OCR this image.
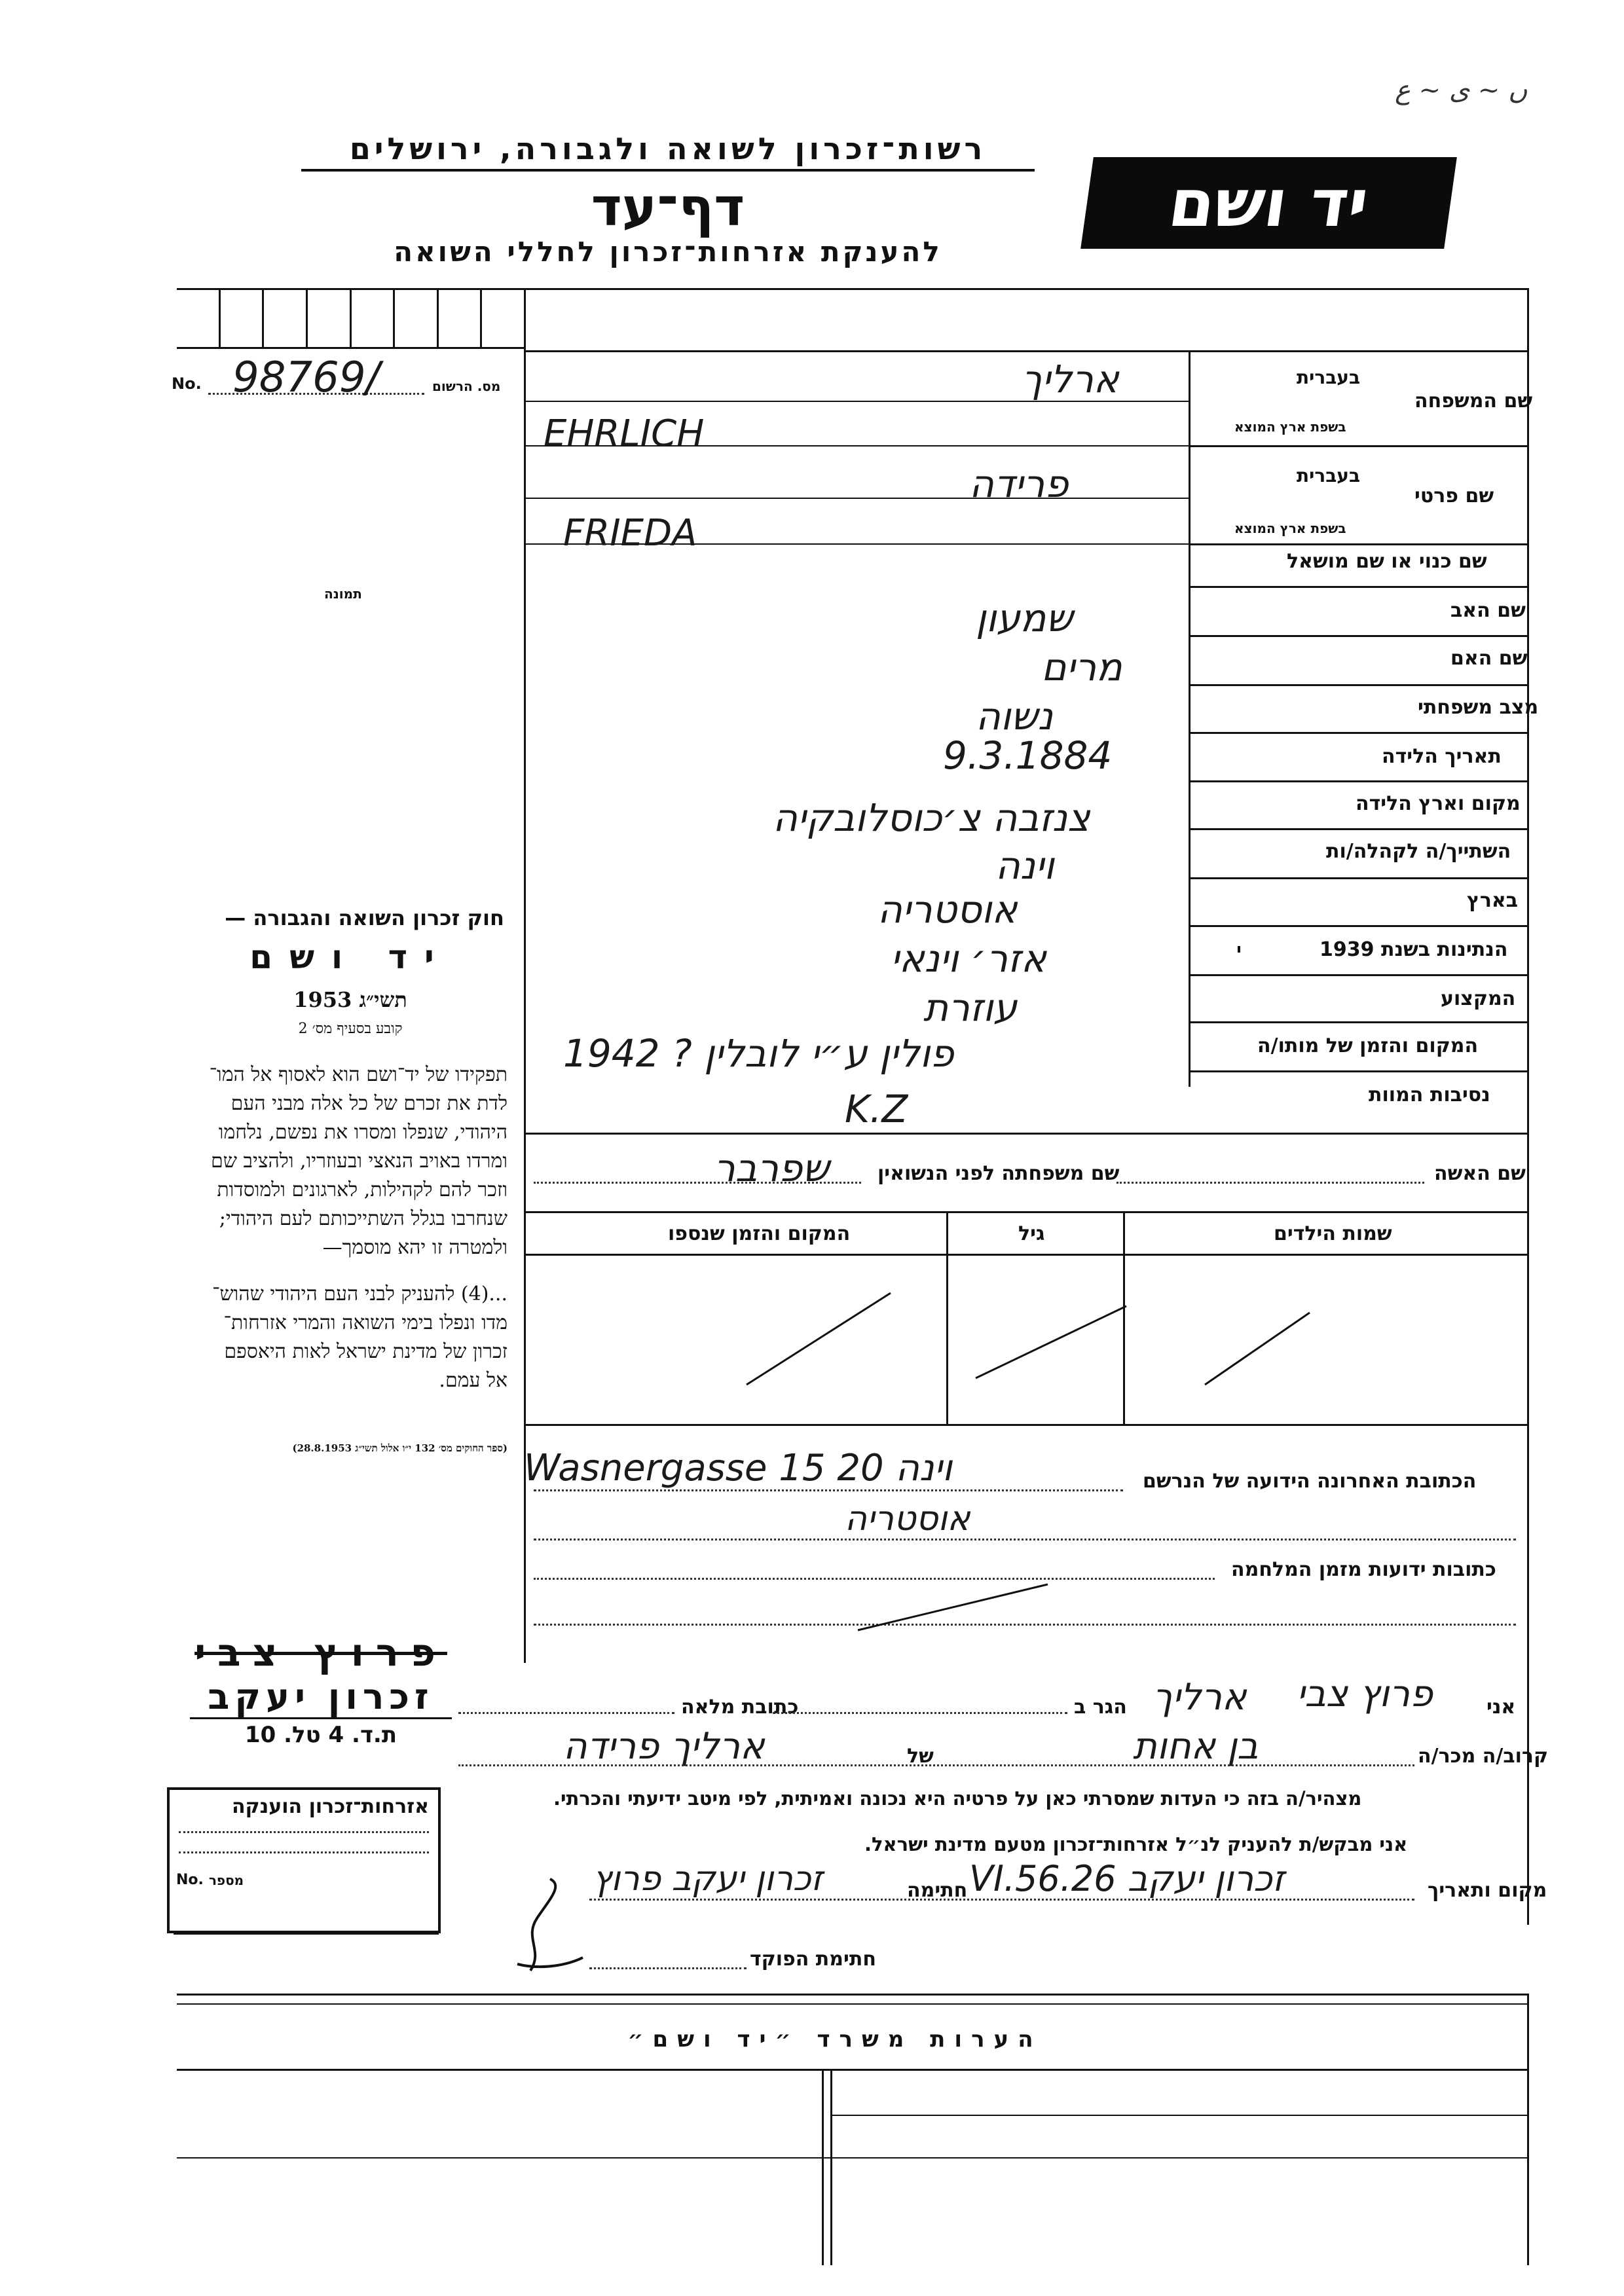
ں ~ ی ~ ع
רשות־זכרון לשואה ולגבורה, ירושלים
דף־עד
להענקת אזרחות־זכרון לחללי השואה
יד ושם
No. 98769/	מס. הרשום
תמונה
בעברית
שם המשפחה
בשפת ארץ המוצא
בעברית
שם פרטי
בשפת ארץ המוצא
שם כנוי או שם מושאל
שם האב
שם האם
מצב משפחתי
תאריך הלידה
מקום וארץ הלידה
השתייך/ה לקהלה/ות
בארץ
הנתינות בשנת 1939
המקצוע
המקום והזמן של מותו/ה
נסיבות המוות
ארליך
EHRLICH
פרידה
FRIEDA
שמעון
מרים
נשוה
9.3.1884
צנזבה צ׳כוסלובקיה
וינה
אוסטריה
אזר׳ וינאי
עוזרת
פולין ע״י לובלין ? 1942
K.Z
שם האשה
שם משפחתה לפני הנשואין
שפרבר
שמות הילדים
גיל
המקום והזמן שנספו
חוק זכרון השואה והגבורה —
יד ושם
תשי״ג 1953
קובע בסעיף מס׳ 2
תפקידו של יד־ושם הוא לאסוף אל המו־
לדת את זכרם של כל אלה מבני העם
היהודי, שנפלו ומסרו את נפשם, נלחמו
ומרדו באויב הנאצי ובעוזריו, ולהציב שם
וזכר להם לקהילות, לארגונים ולמוסדות
שנחרבו בגלל השתייכותם לעם היהודי;
ולמטרה זו יהא מוסמך—
...(4) להעניק לבני העם היהודי שהוש־
מדו ונפלו בימי השואה והמרי אזרחות־
זכרון של מדינת ישראל לאות היאספם
אל עמם.
(ספר החוקים מס׳ 132 י״ו אלול תשי״ג 28.8.1953)
הכתובת האחרונה הידועה של הנרשם
וינה 20 Wasnergasse 15
אוסטריה
כתובות ידועות מזמן המלחמה
פרוץ צבי
זכרון יעקב
ת.ד. 4 טל. 10
אני
פרוץ צבי
הגר ב ארליך
כתובת מלאה
קרוב/ה מכר/ה
בן אחות
של
ארליך פרידה
מצהיר/ה בזה כי העדות שמסרתי כאן על פרטיה היא נכונה ואמיתית, לפי מיטב ידיעתי והכרתי.
אני מבקש/ת להעניק לנ״ל אזרחות־זכרון מטעם מדינת ישראל.
מקום ותאריך
זכרון יעקב 26.VI.56
חתימה
זכרון יעקב פרוץ
חתימת הפוקד
אזרחות־זכרון הוענקה
No. מספר
הערות משרד ״יד ושם״
